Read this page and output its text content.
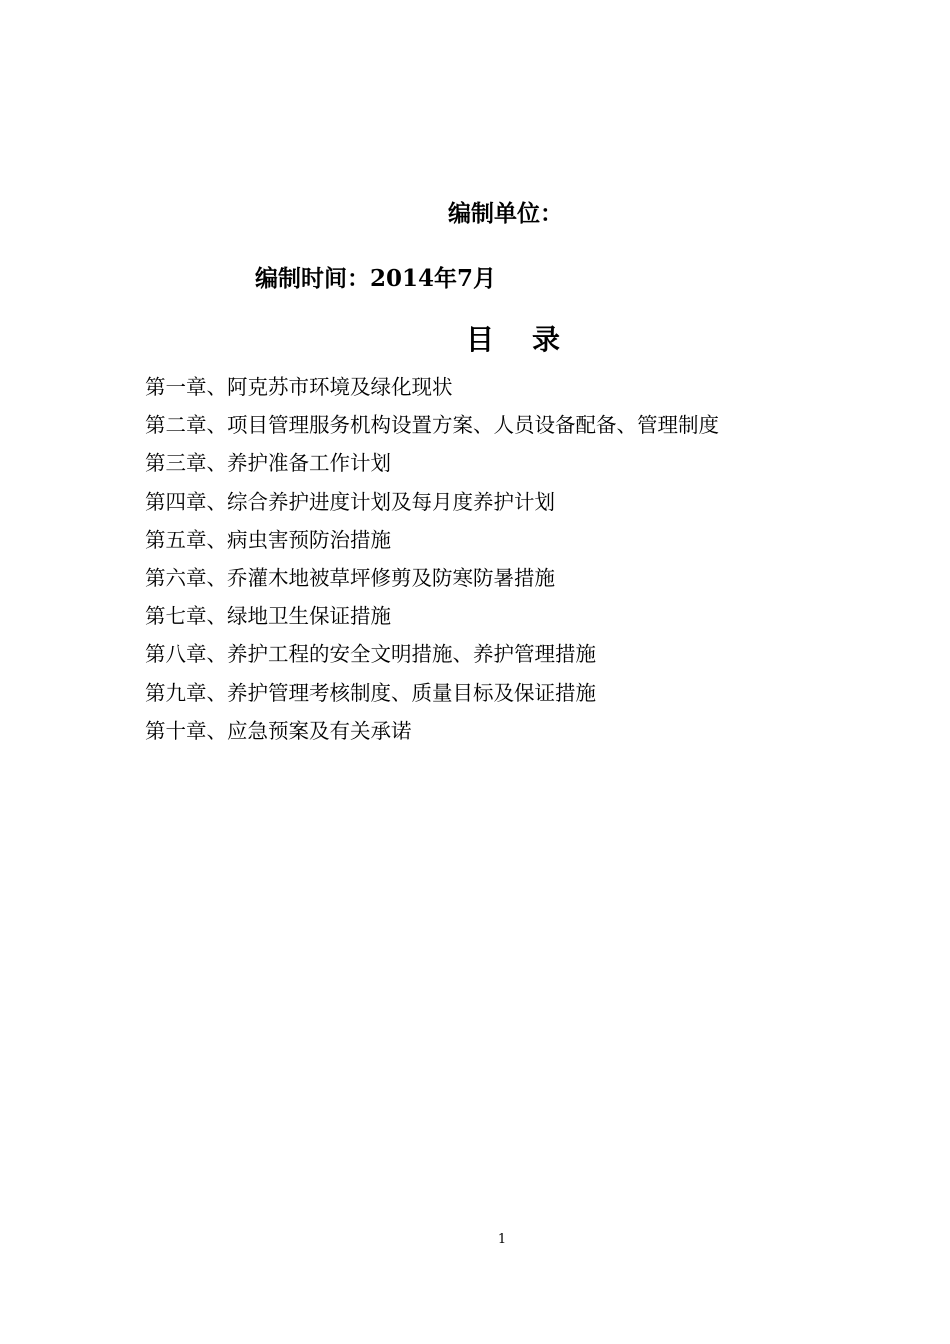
编制单位：
编制时间：2014年7月
目录
第一章、阿克苏市环境及绿化现状
第二章、项目管理服务机构设置方案、人员设备配备、管理制度
第三章、养护准备工作计划
第四章、综合养护进度计划及每月度养护计划
第五章、病虫害预防治措施
第六章、乔灌木地被草坪修剪及防寒防暑措施
第七章、绿地卫生保证措施
第八章、养护工程的安全文明措施、养护管理措施
第九章、养护管理考核制度、质量目标及保证措施
第十章、应急预案及有关承诺
1
